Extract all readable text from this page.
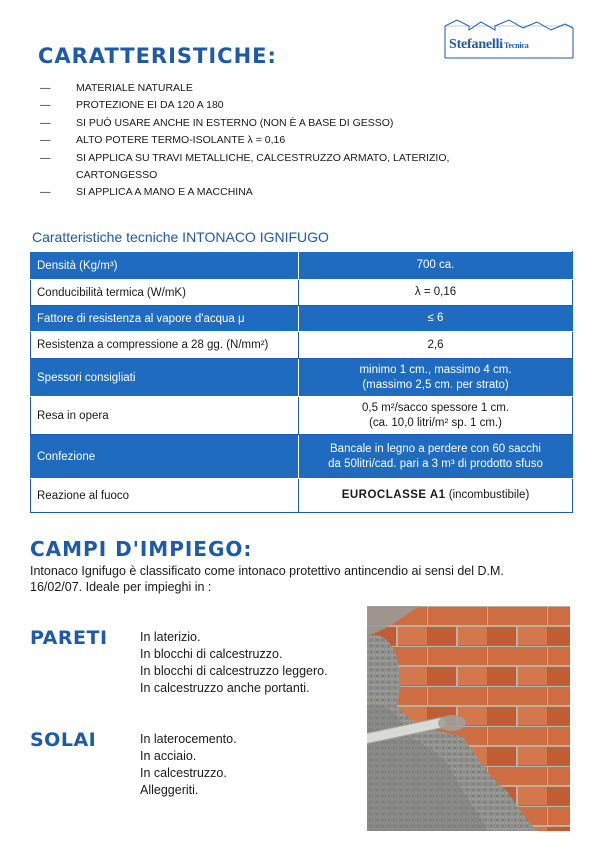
StefanelliTecnica
CARATTERISTICHE:
— MATERIALE NATURALE
— PROTEZIONE EI DA 120 A 180
— SI PUÒ USARE ANCHE IN ESTERNO (NON È A BASE DI GESSO)
— ALTO POTERE TERMO-ISOLANTE λ = 0,16
— SI APPLICA SU TRAVI METALLICHE, CALCESTRUZZO ARMATO, LATERIZIO,
CARTONGESSO
— SI APPLICA A MANO E A MACCHINA
Caratteristiche tecniche INTONACO IGNIFUGO
Densità (Kg/m³)	700 ca.
Conducibilità termica (W/mK)	λ = 0,16
Fattore di resistenza al vapore d'acqua μ	≤ 6
Resistenza a compressione a 28 gg. (N/mm²)	2,6
Spessori consigliati	minimo 1 cm., massimo 4 cm.
(massimo 2,5 cm. per strato)

Resa in opera	0,5 m²/sacco spessore 1 cm.
(ca. 10,0 litri/m² sp. 1 cm.)

Confezione	Bancale in legno a perdere con 60 sacchi
da 50litri/cad. pari a 3 m³ di prodotto sfuso

Reazione al fuoco	EUROCLASSE A1 (incombustibile)
CAMPI D'IMPIEGO:
Intonaco Ignifugo è classificato come intonaco protettivo antincendio ai sensi del D.M. 16/02/07. Ideale per impieghi in :
PARETI	In laterizio.
In blocchi di calcestruzzo.
In blocchi di calcestruzzo leggero.
In calcestruzzo anche portanti.
SOLAI	In laterocemento.
In acciaio.
In calcestruzzo.
Alleggeriti.
